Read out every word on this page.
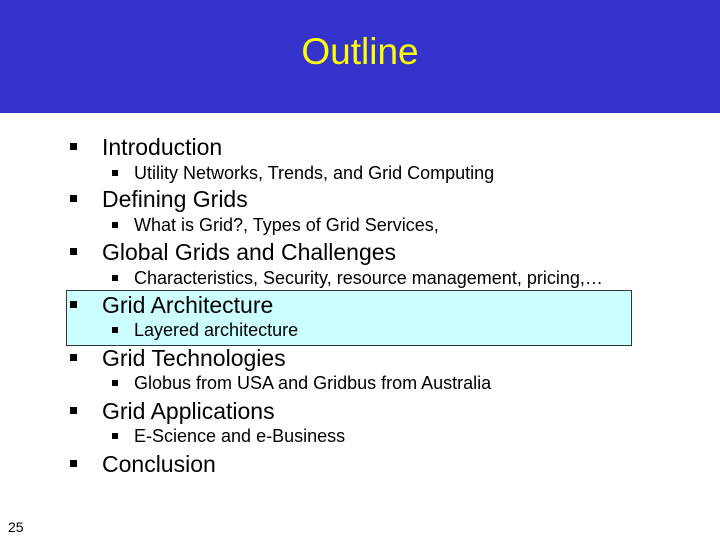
Outline
Introduction
Utility Networks, Trends, and Grid Computing
Defining Grids
What is Grid?, Types of Grid Services,
Global Grids and Challenges
Characteristics, Security, resource management, pricing,…
Grid Architecture
Layered architecture
Grid Technologies
Globus from USA and Gridbus from Australia
Grid Applications
E-Science and e-Business
Conclusion
25
